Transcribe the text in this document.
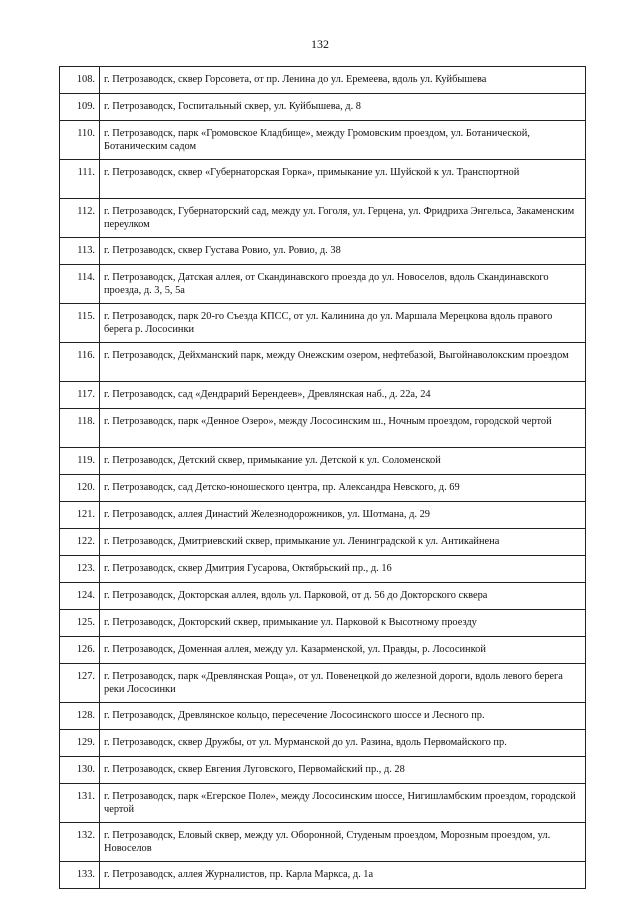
132
108.	г. Петрозаводск, сквер Горсовета, от пр. Ленина до ул. Еремеева, вдоль ул. Куйбышева
109.	г. Петрозаводск, Госпитальный сквер, ул. Куйбышева, д. 8
110.	г. Петрозаводск, парк «Громовское Кладбище», между Громовским проездом, ул. Ботанической, Ботаническим садом
111.	г. Петрозаводск, сквер «Губернаторская Горка», примыкание ул. Шуйской к ул. Транспортной
112.	г. Петрозаводск, Губернаторский сад, между ул. Гоголя, ул. Герцена, ул. Фридриха Энгельса, Закаменским переулком
113.	г. Петрозаводск, сквер Густава Ровио, ул. Ровио, д. 38
114.	г. Петрозаводск, Датская аллея, от Скандинавского проезда до ул. Новоселов, вдоль Скандинавского проезда, д. 3, 5, 5а
115.	г. Петрозаводск, парк 20-го Съезда КПСС, от ул. Калинина до ул. Маршала Мерецкова вдоль правого берега р. Лососинки
116.	г. Петрозаводск, Дейхманский парк, между Онежским озером, нефтебазой, Выгойнаволокским проездом
117.	г. Петрозаводск, сад «Дендрарий Берендеев», Древлянская наб., д. 22а, 24
118.	г. Петрозаводск, парк «Денное Озеро», между Лососинским ш., Ночным проездом, городской чертой
119.	г. Петрозаводск, Детский сквер, примыкание ул. Детской к ул. Соломенской
120.	г. Петрозаводск, сад Детско-юношеского центра, пр. Александра Невского, д. 69
121.	г. Петрозаводск, аллея Династий Железнодорожников, ул. Шотмана, д. 29
122.	г. Петрозаводск, Дмитриевский сквер, примыкание ул. Ленинградской к ул. Антикайнена
123.	г. Петрозаводск, сквер Дмитрия Гусарова, Октябрьский пр., д. 16
124.	г. Петрозаводск, Докторская аллея, вдоль ул. Парковой, от д. 56 до Докторского сквера
125.	г. Петрозаводск, Докторский сквер, примыкание ул. Парковой к Высотному проезду
126.	г. Петрозаводск, Доменная аллея, между ул. Казарменской, ул. Правды, р. Лососинкой
127.	г. Петрозаводск, парк «Древлянская Роща», от ул. Повенецкой до железной дороги, вдоль левого берега реки Лососинки
128.	г. Петрозаводск, Древлянское кольцо, пересечение Лососинского шоссе и Лесного пр.
129.	г. Петрозаводск, сквер Дружбы, от ул. Мурманской до ул. Разина, вдоль Первомайского пр.
130.	г. Петрозаводск, сквер Евгения Луговского, Первомайский пр., д. 28
131.	г. Петрозаводск, парк «Егерское Поле», между Лососинским шоссе, Нигишламбским проездом, городской чертой
132.	г. Петрозаводск, Еловый сквер, между ул. Оборонной, Студеным проездом, Морозным проездом, ул. Новоселов
133.	г. Петрозаводск, аллея Журналистов, пр. Карла Маркса, д. 1а
